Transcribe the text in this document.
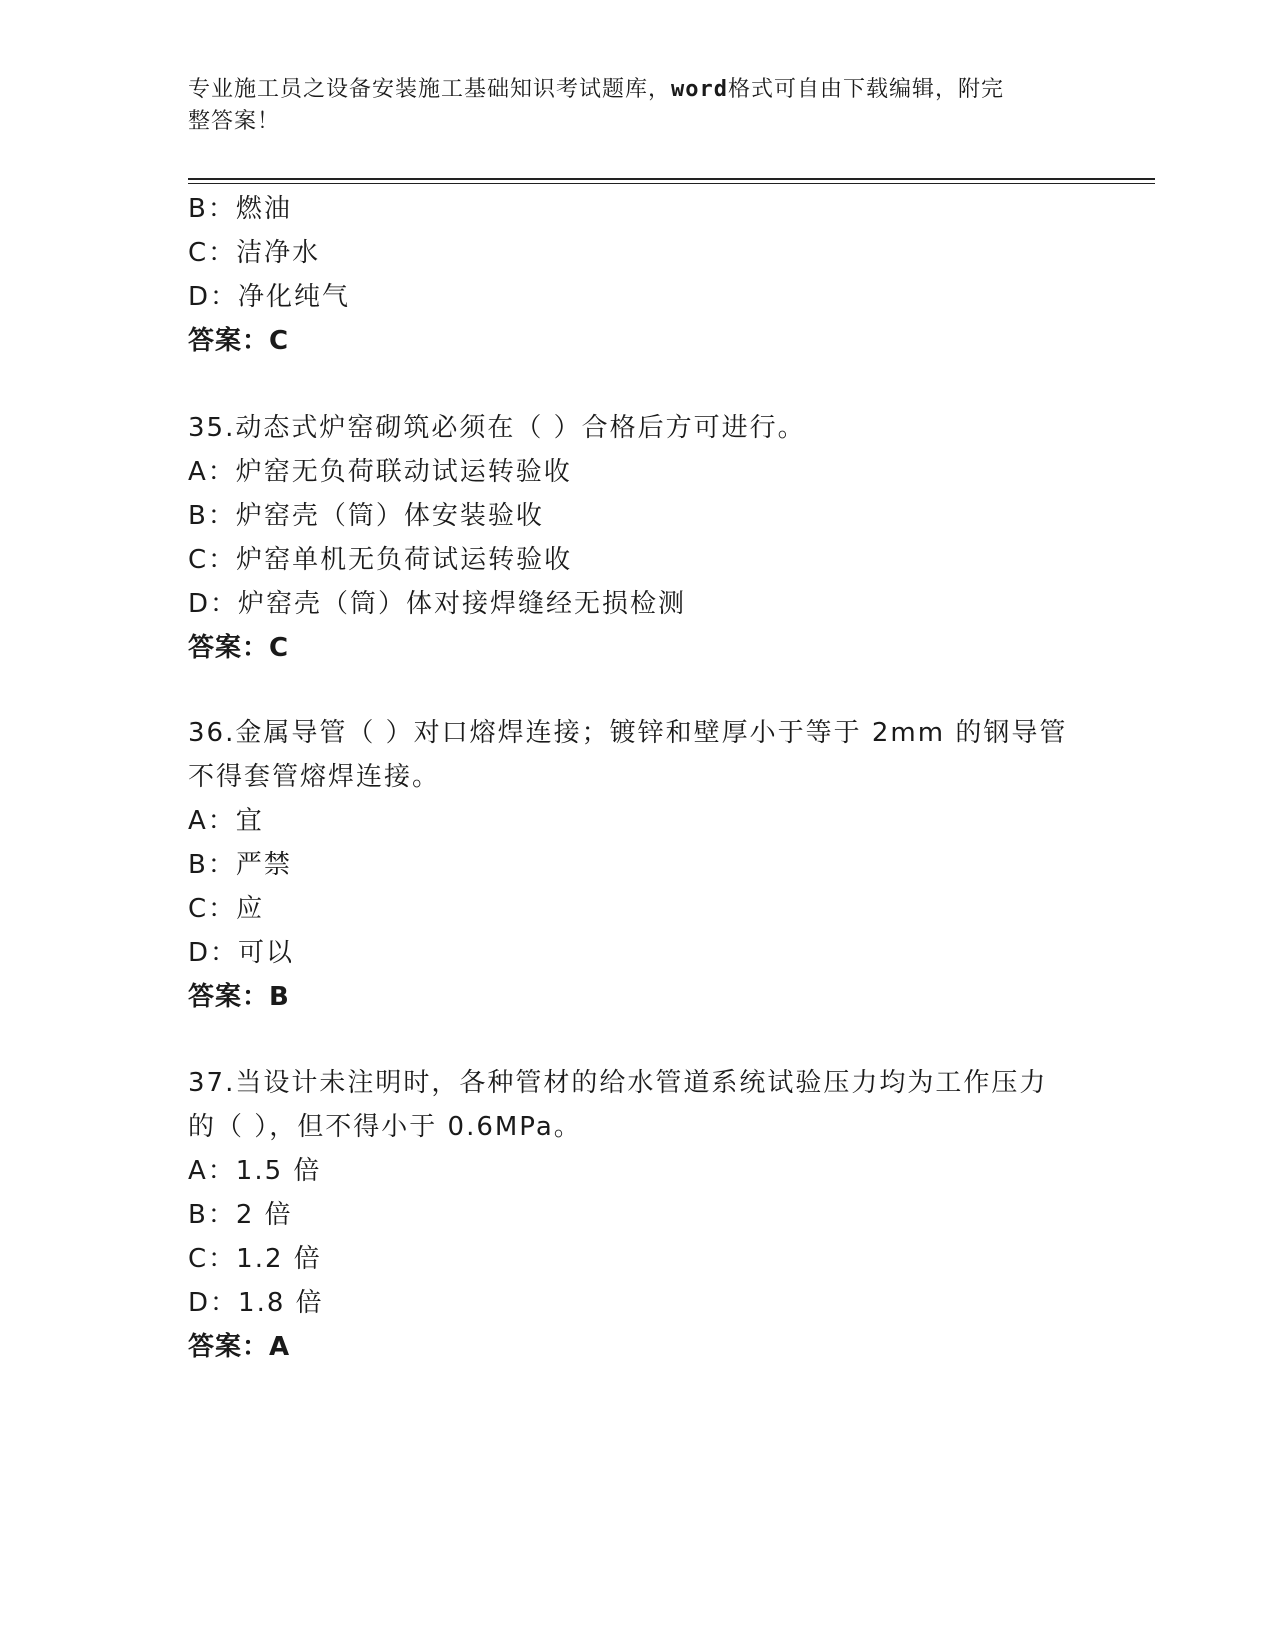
专业施工员之设备安装施工基础知识考试题库，word格式可自由下载编辑，附完
整答案！
B：燃油
C：洁净水
D：净化纯气
答案：C
35.动态式炉窑砌筑必须在（ ）合格后方可进行。
A：炉窑无负荷联动试运转验收
B：炉窑壳（筒）体安装验收
C：炉窑单机无负荷试运转验收
D：炉窑壳（筒）体对接焊缝经无损检测
答案：C
36.金属导管（ ）对口熔焊连接；镀锌和壁厚小于等于 2mm 的钢导管
不得套管熔焊连接。
A：宜
B：严禁
C：应
D：可以
答案：B
37.当设计未注明时，各种管材的给水管道系统试验压力均为工作压力
的（ ），但不得小于 0.6MPa。
A：1.5 倍
B：2 倍
C：1.2 倍
D：1.8 倍
答案：A
